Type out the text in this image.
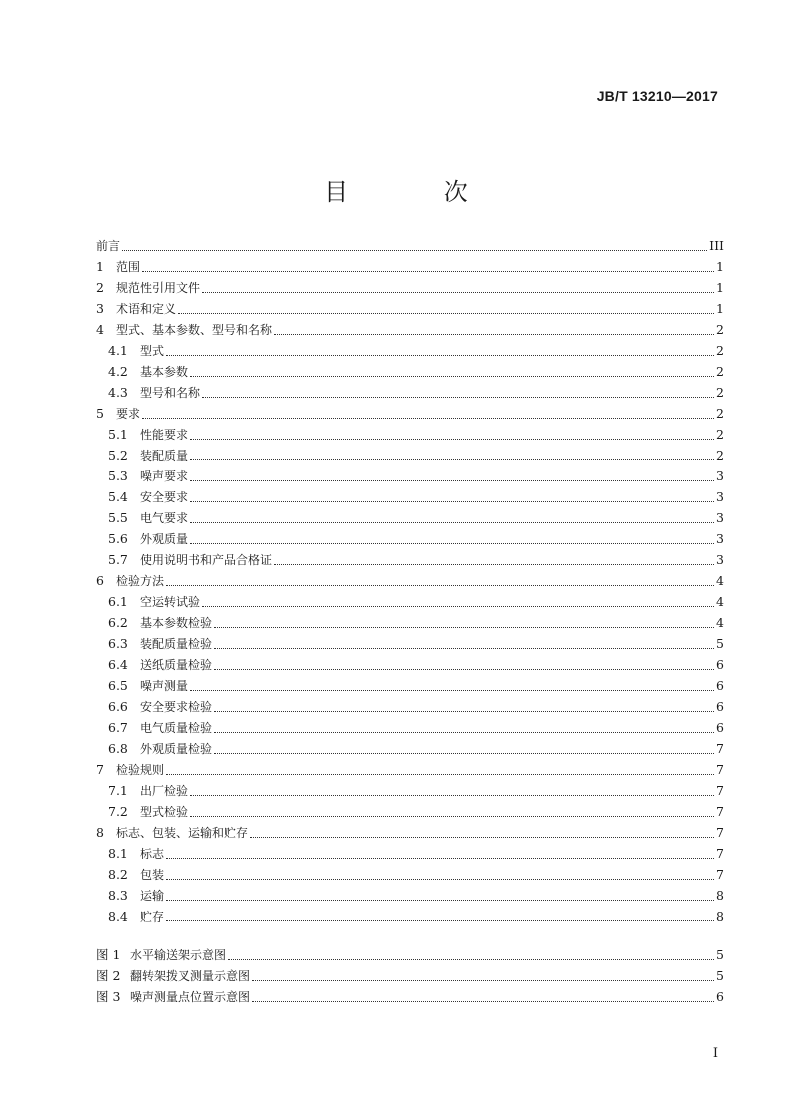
JB/T 13210—2017
目 次
前言	III
1	范围	1
2	规范性引用文件	1
3	术语和定义	1
4	型式、基本参数、型号和名称	2
4.1	型式	2
4.2	基本参数	2
4.3	型号和名称	2
5	要求	2
5.1	性能要求	2
5.2	装配质量	2
5.3	噪声要求	3
5.4	安全要求	3
5.5	电气要求	3
5.6	外观质量	3
5.7	使用说明书和产品合格证	3
6	检验方法	4
6.1	空运转试验	4
6.2	基本参数检验	4
6.3	装配质量检验	5
6.4	送纸质量检验	6
6.5	噪声测量	6
6.6	安全要求检验	6
6.7	电气质量检验	6
6.8	外观质量检验	7
7	检验规则	7
7.1	出厂检验	7
7.2	型式检验	7
8	标志、包装、运输和贮存	7
8.1	标志	7
8.2	包装	7
8.3	运输	8
8.4	贮存	8
图 1 水平输送架示意图	5
图 2 翻转架拨叉测量示意图	5
图 3 噪声测量点位置示意图	6
I
